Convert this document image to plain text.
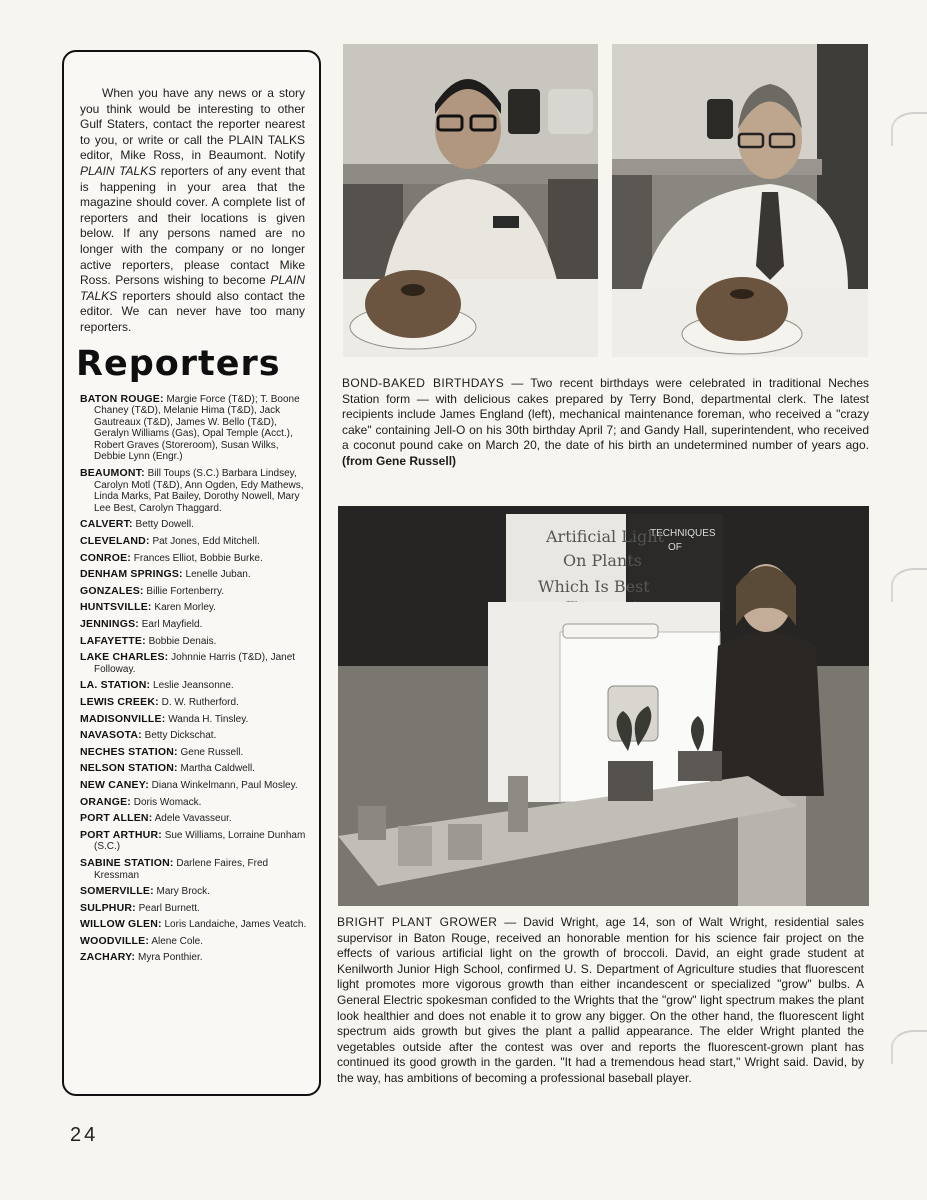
When you have any news or a story you think would be interesting to other Gulf Staters, contact the reporter nearest to you, or write or call the PLAIN TALKS editor, Mike Ross, in Beaumont. Notify PLAIN TALKS reporters of any event that is happening in your area that the magazine should cover. A complete list of reporters and their locations is given below. If any persons named are no longer with the company or no longer active reporters, please contact Mike Ross. Persons wishing to become PLAIN TALKS reporters should also contact the editor. We can never have too many reporters.

Reporters
BATON ROUGE: Margie Force (T&D); T. Boone Chaney (T&D), Melanie Hima (T&D), Jack Gautreaux (T&D), James W. Bello (T&D), Geralyn Williams (Gas), Opal Temple (Acct.), Robert Graves (Storeroom), Susan Wilks, Debbie Lynn (Engr.)
BEAUMONT: Bill Toups (S.C.) Barbara Lindsey, Carolyn Motl (T&D), Ann Ogden, Edy Mathews, Linda Marks, Pat Bailey, Dorothy Nowell, Mary Lee Best, Carolyn Thaggard.
CALVERT: Betty Dowell.
CLEVELAND: Pat Jones, Edd Mitchell.
CONROE: Frances Elliot, Bobbie Burke.
DENHAM SPRINGS: Lenelle Juban.
GONZALES: Billie Fortenberry.
HUNTSVILLE: Karen Morley.
JENNINGS: Earl Mayfield.
LAFAYETTE: Bobbie Denais.
LAKE CHARLES: Johnnie Harris (T&D), Janet Followay.
LA. STATION: Leslie Jeansonne.
LEWIS CREEK: D. W. Rutherford.
MADISONVILLE: Wanda H. Tinsley.
NAVASOTA: Betty Dickschat.
NECHES STATION: Gene Russell.
NELSON STATION: Martha Caldwell.
NEW CANEY: Diana Winkelmann, Paul Mosley.
ORANGE: Doris Womack.
PORT ALLEN: Adele Vavasseur.
PORT ARTHUR: Sue Williams, Lorraine Dunham (S.C.)
SABINE STATION: Darlene Faires, Fred Kressman
SOMERVILLE: Mary Brock.
SULPHUR: Pearl Burnett.
WILLOW GLEN: Loris Landaiche, James Veatch.
WOODVILLE: Alene Cole.
ZACHARY: Myra Ponthier.
BOND-BAKED BIRTHDAYS — Two recent birthdays were celebrated in traditional Neches Station form — with delicious cakes prepared by Terry Bond, departmental clerk. The latest recipients include James England (left), mechanical maintenance foreman, who received a "crazy cake" containing Jell-O on his 30th birthday April 7; and Gandy Hall, superintendent, who received a coconut pound cake on March 20, the date of his birth an undetermined number of years ago. (from Gene Russell)
TECHNIQUES
OF
Artificial Light
On Plants
Which Is Best
BRIGHT PLANT GROWER — David Wright, age 14, son of Walt Wright, residential sales supervisor in Baton Rouge, received an honorable mention for his science fair project on the effects of various artificial light on the growth of broccoli. David, an eight grade student at Kenilworth Junior High School, confirmed U. S. Department of Agriculture studies that fluorescent light promotes more vigorous growth than either incandescent or specialized "grow" bulbs. A General Electric spokesman confided to the Wrights that the "grow" light spectrum makes the plant look healthier and does not enable it to grow any bigger. On the other hand, the fluorescent light spectrum aids growth but gives the plant a pallid appearance. The elder Wright planted the vegetables outside after the contest was over and reports the fluorescent-grown plant has continued its good growth in the garden. "It had a tremendous head start," Wright said. David, by the way, has ambitions of becoming a professional baseball player.
24
